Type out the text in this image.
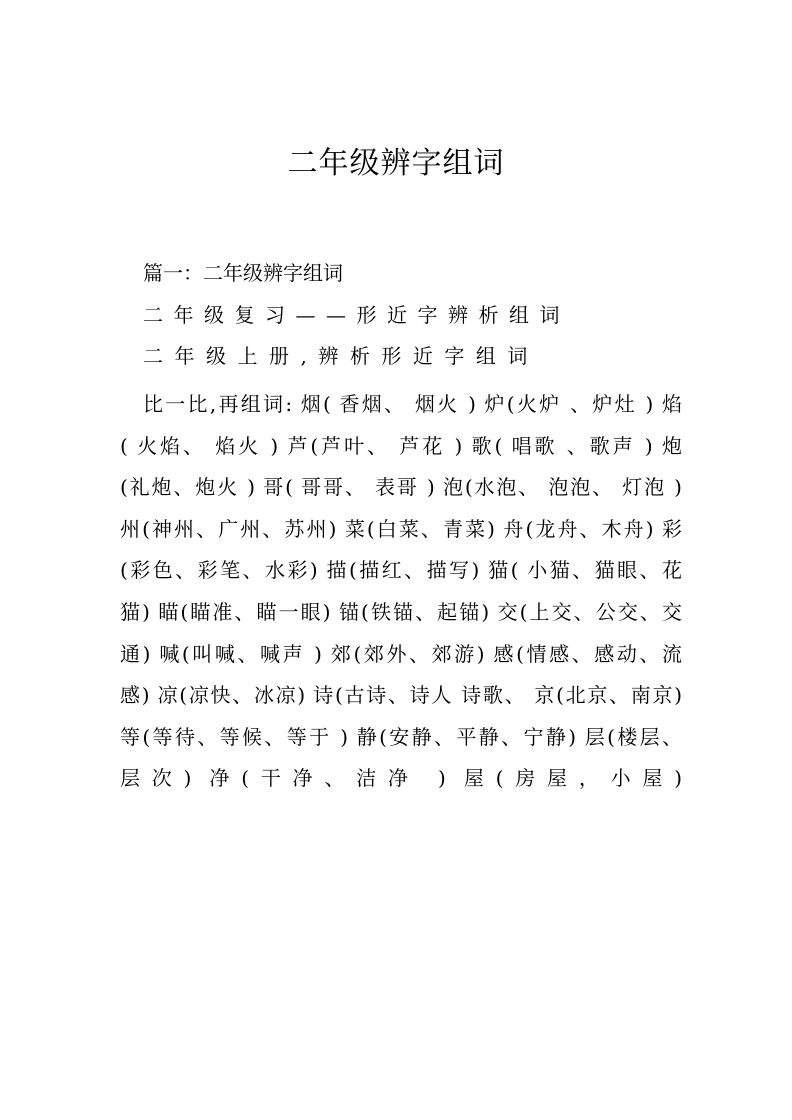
二年级辨字组词
篇一：二年级辨字组词
二年级复习——形近字辨析组词
二年级上册,辨析形近字组词
比一比,再组词: 烟( 香烟、 烟火 ) 炉(火炉 、炉灶 ) 焰
( 火焰、 焰火 ) 芦(芦叶、 芦花 ) 歌( 唱歌 、歌声 ) 炮
(礼炮、炮火 ) 哥( 哥哥、 表哥 ) 泡(水泡、 泡泡、 灯泡 )
州(神州、广州、苏州) 菜(白菜、青菜) 舟(龙舟、木舟) 彩
(彩色、彩笔、水彩) 描(描红、描写) 猫( 小猫、猫眼、花
猫) 瞄(瞄准、瞄一眼) 锚(铁锚、起锚) 交(上交、公交、交
通) 喊(叫喊、喊声 ) 郊(郊外、郊游) 感(情感、感动、流
感) 凉(凉快、冰凉) 诗(古诗、诗人 诗歌、 京(北京、南京)
等(等待、等候、等于 ) 静(安静、平静、宁静) 层(楼层、
层次) 净(干净、洁净 ) 屋(房屋，小屋)
